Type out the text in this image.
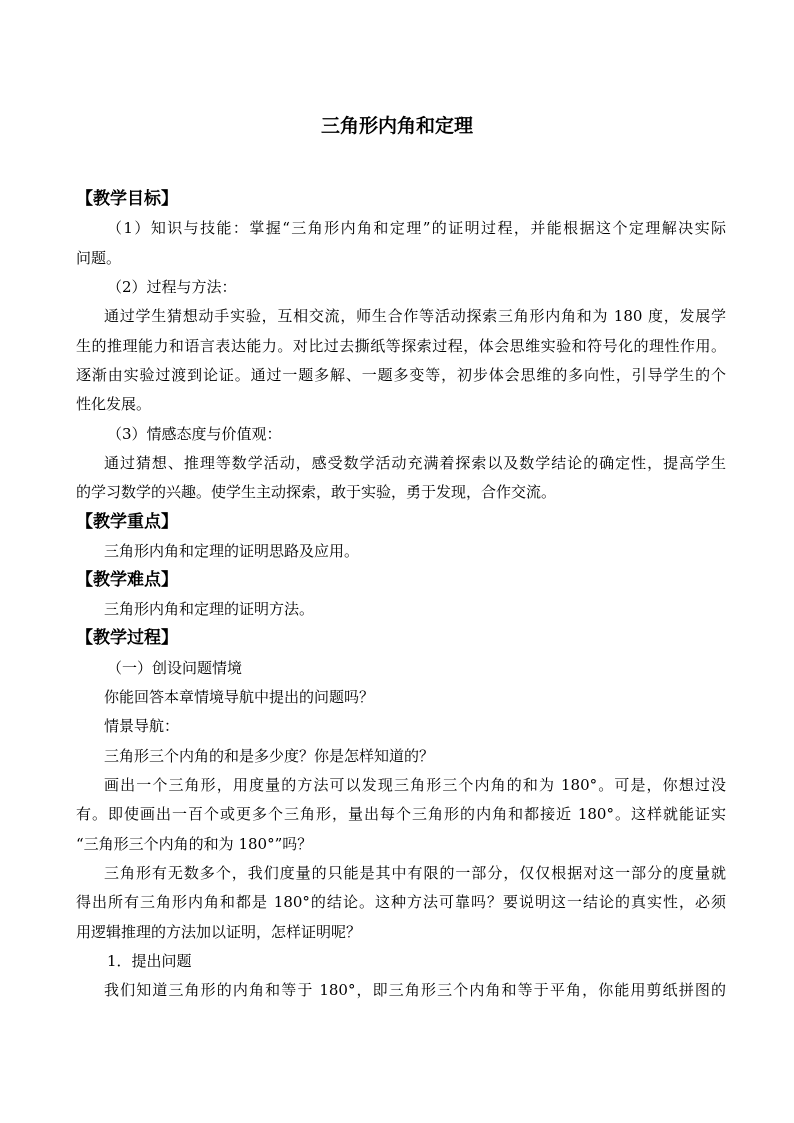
三角形内角和定理
【教学目标】
（1）知识与技能：掌握“三角形内角和定理”的证明过程，并能根据这个定理解决实际
问题。
（2）过程与方法：
通过学生猜想动手实验，互相交流，师生合作等活动探索三角形内角和为 180 度，发展学
生的推理能力和语言表达能力。对比过去撕纸等探索过程，体会思维实验和符号化的理性作用。
逐渐由实验过渡到论证。通过一题多解、一题多变等，初步体会思维的多向性，引导学生的个
性化发展。
（3）情感态度与价值观：
通过猜想、推理等数学活动，感受数学活动充满着探索以及数学结论的确定性，提高学生
的学习数学的兴趣。使学生主动探索，敢于实验，勇于发现，合作交流。
【教学重点】
三角形内角和定理的证明思路及应用。
【教学难点】
三角形内角和定理的证明方法。
【教学过程】
（一）创设问题情境
你能回答本章情境导航中提出的问题吗？
情景导航：
三角形三个内角的和是多少度？你是怎样知道的？
画出一个三角形，用度量的方法可以发现三角形三个内角的和为 180°。可是，你想过没
有。即使画出一百个或更多个三角形，量出每个三角形的内角和都接近 180°。这样就能证实
“三角形三个内角的和为 180°”吗？
三角形有无数多个，我们度量的只能是其中有限的一部分，仅仅根据对这一部分的度量就
得出所有三角形内角和都是 180°的结论。这种方法可靠吗？要说明这一结论的真实性，必须
用逻辑推理的方法加以证明，怎样证明呢？
1．提出问题
我们知道三角形的内角和等于 180°，即三角形三个内角和等于平角，你能用剪纸拼图的
